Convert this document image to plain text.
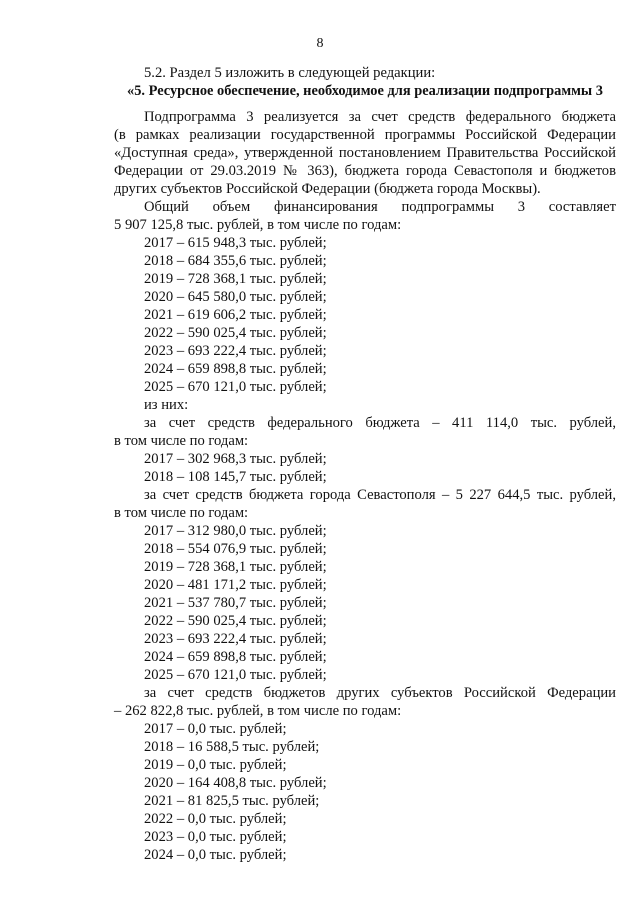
8
5.2. Раздел 5 изложить в следующей редакции:
«5. Ресурсное обеспечение, необходимое для реализации подпрограммы 3
Подпрограмма 3 реализуется за счет средств федерального бюджета
(в рамках реализации государственной программы Российской Федерации
«Доступная среда», утвержденной постановлением Правительства Российской
Федерации от 29.03.2019 № 363), бюджета города Севастополя и бюджетов
других субъектов Российской Федерации (бюджета города Москвы).
Общий объем финансирования подпрограммы 3 составляет
5 907 125,8 тыс. рублей, в том числе по годам:
2017 – 615 948,3 тыс. рублей;
2018 – 684 355,6 тыс. рублей;
2019 – 728 368,1 тыс. рублей;
2020 – 645 580,0 тыс. рублей;
2021 – 619 606,2 тыс. рублей;
2022 – 590 025,4 тыс. рублей;
2023 – 693 222,4 тыс. рублей;
2024 – 659 898,8 тыс. рублей;
2025 – 670 121,0 тыс. рублей;
из них:
за счет средств федерального бюджета – 411 114,0 тыс. рублей,
в том числе по годам:
2017 – 302 968,3 тыс. рублей;
2018 – 108 145,7 тыс. рублей;
за счет средств бюджета города Севастополя – 5 227 644,5 тыс. рублей,
в том числе по годам:
2017 – 312 980,0 тыс. рублей;
2018 – 554 076,9 тыс. рублей;
2019 – 728 368,1 тыс. рублей;
2020 – 481 171,2 тыс. рублей;
2021 – 537 780,7 тыс. рублей;
2022 – 590 025,4 тыс. рублей;
2023 – 693 222,4 тыс. рублей;
2024 – 659 898,8 тыс. рублей;
2025 – 670 121,0 тыс. рублей;
за счет средств бюджетов других субъектов Российской Федерации
– 262 822,8 тыс. рублей, в том числе по годам:
2017 – 0,0 тыс. рублей;
2018 – 16 588,5 тыс. рублей;
2019 – 0,0 тыс. рублей;
2020 – 164 408,8 тыс. рублей;
2021 – 81 825,5 тыс. рублей;
2022 – 0,0 тыс. рублей;
2023 – 0,0 тыс. рублей;
2024 – 0,0 тыс. рублей;
